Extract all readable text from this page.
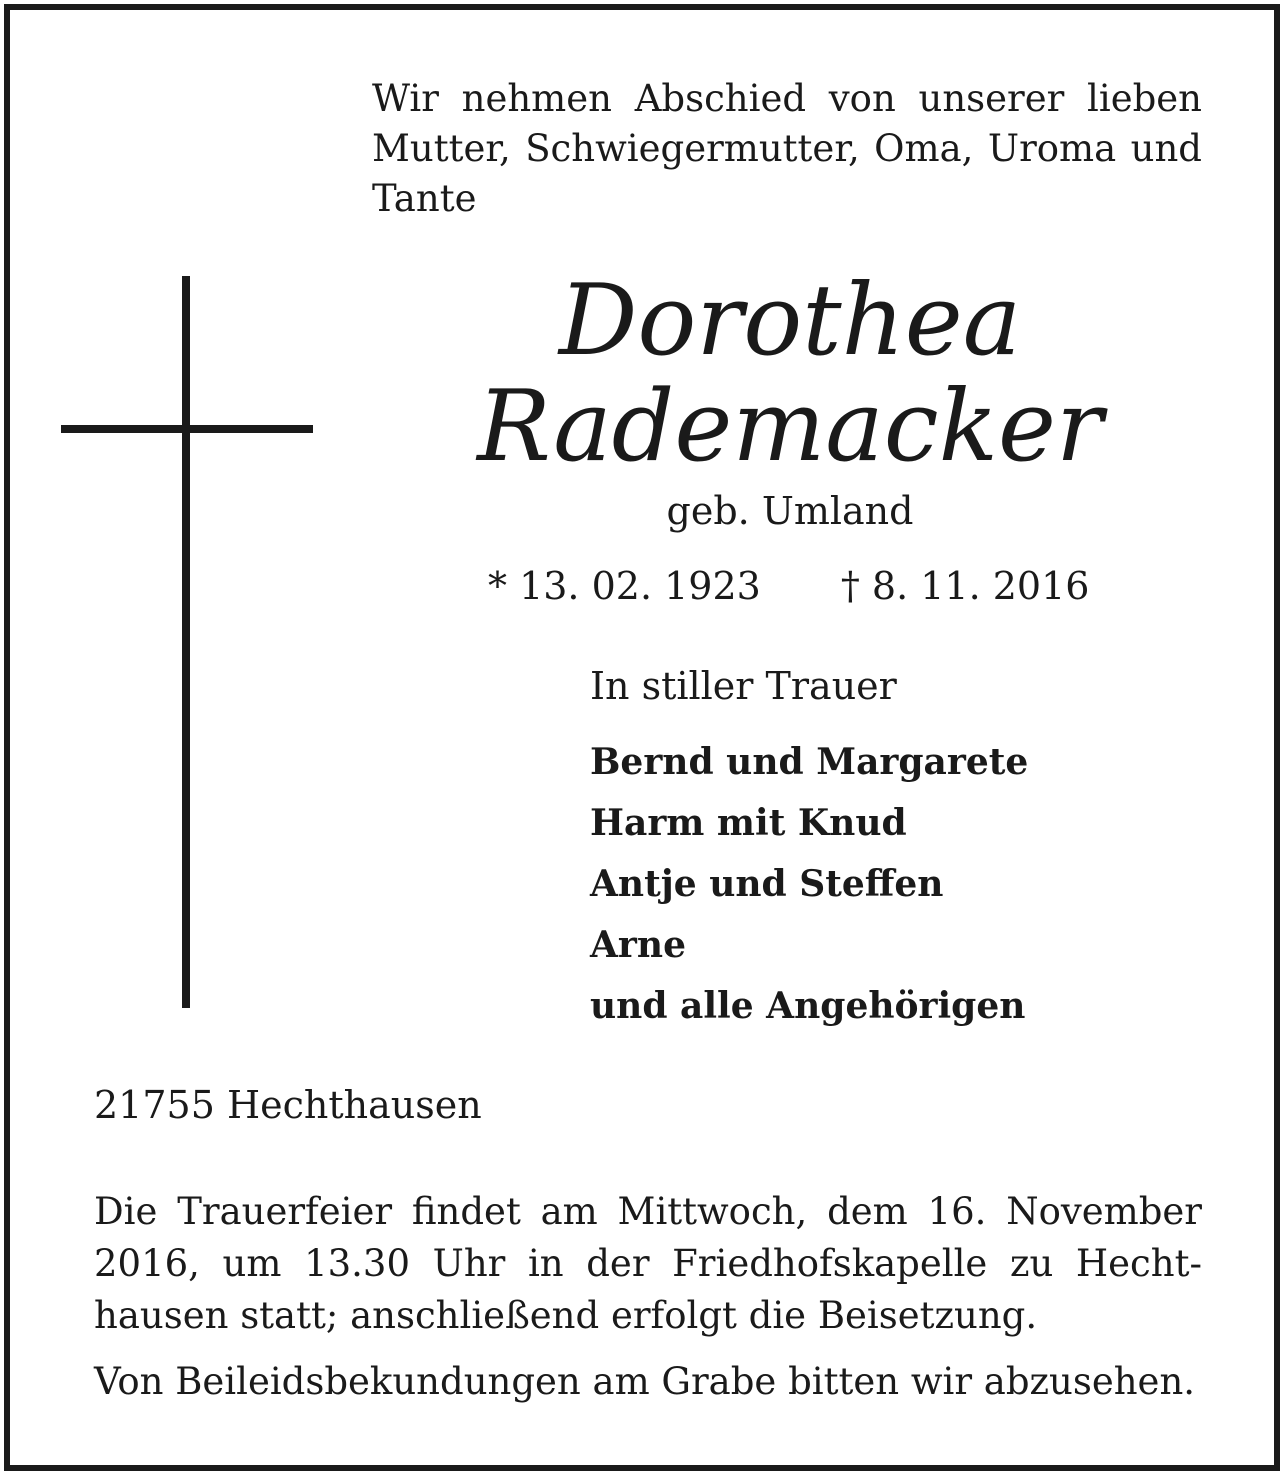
Wir nehmen Abschied von unserer lieben Mutter, Schwiegermutter, Oma, Uroma und Tante
Dorothea
Rademacker
geb. Umland
* 13. 02. 1923 † 8. 11. 2016
In stiller Trauer
Bernd und Margarete
Harm mit Knud
Antje und Steffen
Arne
und alle Angehörigen
21755 Hechthausen
Die Trauerfeier findet am Mittwoch, dem 16. November 2016, um 13.30 Uhr in der Friedhofskapelle zu Hechthausen statt; anschließend erfolgt die Beisetzung.
Von Beileidsbekundungen am Grabe bitten wir abzusehen.
